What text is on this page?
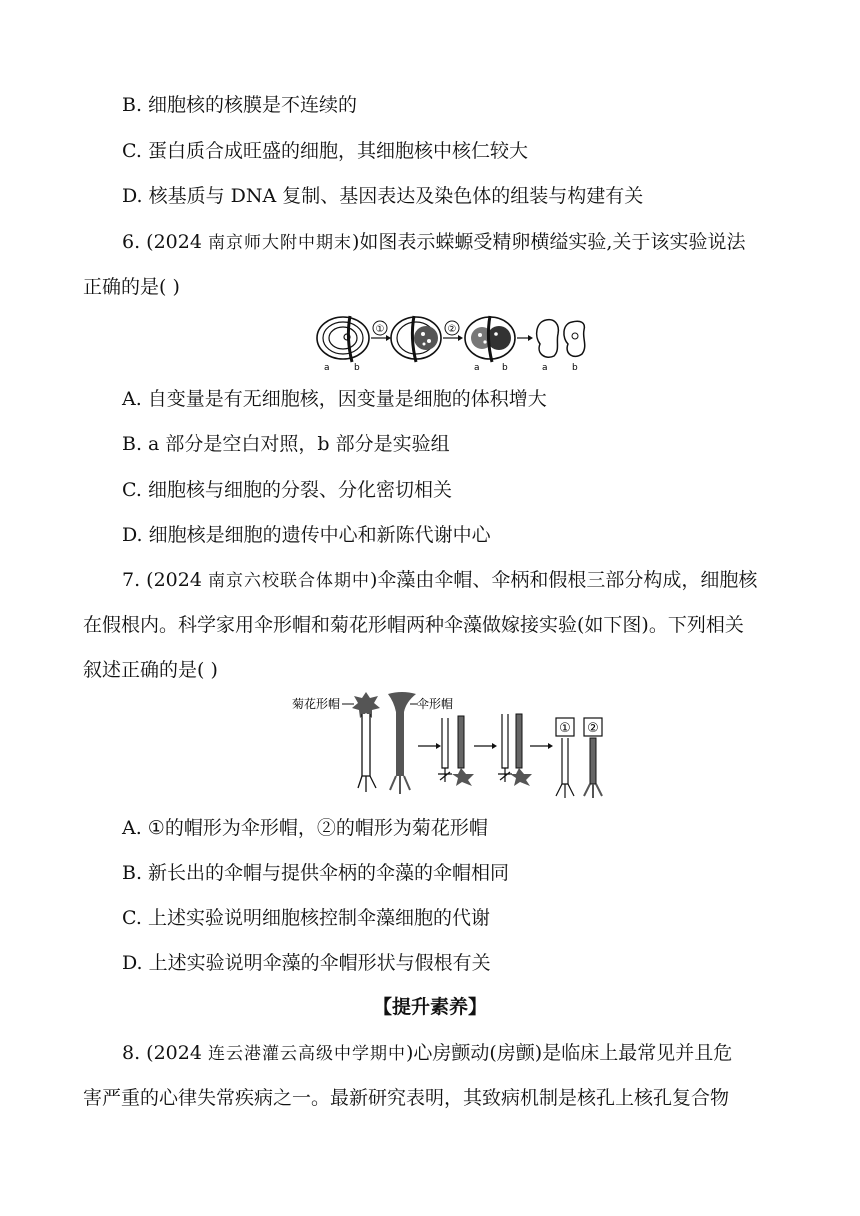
B. 细胞核的核膜是不连续的
C. 蛋白质合成旺盛的细胞，其细胞核中核仁较大
D. 核基质与 DNA 复制、基因表达及染色体的组装与构建有关
6. (2024 南京师大附中期末)如图表示蝾螈受精卵横缢实验,关于该实验说法
正确的是( )
a	b
①	②
a b	a	b
A. 自变量是有无细胞核，因变量是细胞的体积增大
B. a 部分是空白对照，b 部分是实验组
C. 细胞核与细胞的分裂、分化密切相关
D. 细胞核是细胞的遗传中心和新陈代谢中心
7. (2024 南京六校联合体期中)伞藻由伞帽、伞柄和假根三部分构成，细胞核
在假根内。科学家用伞形帽和菊花形帽两种伞藻做嫁接实验(如下图)。下列相关
叙述正确的是( )
菊花形帽	伞形帽
① ②
A. ①的帽形为伞形帽，②的帽形为菊花形帽
B. 新长出的伞帽与提供伞柄的伞藻的伞帽相同
C. 上述实验说明细胞核控制伞藻细胞的代谢
D. 上述实验说明伞藻的伞帽形状与假根有关
【提升素养】
8. (2024 连云港灌云高级中学期中)心房颤动(房颤)是临床上最常见并且危
害严重的心律失常疾病之一。最新研究表明，其致病机制是核孔上核孔复合物
